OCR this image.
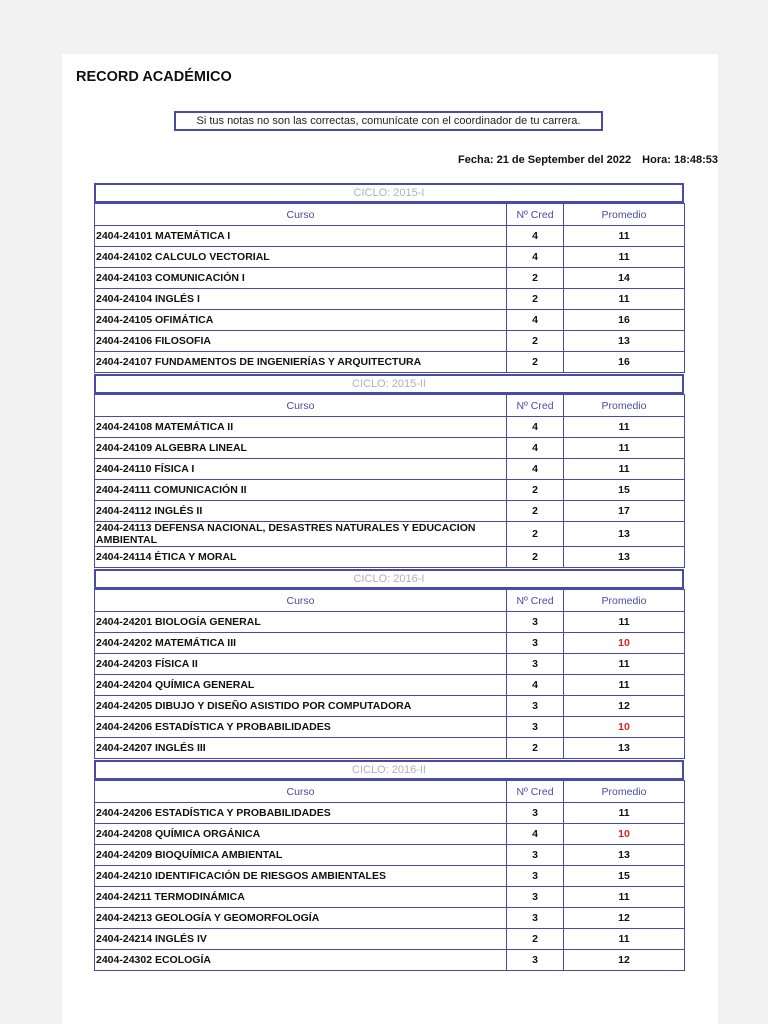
RECORD ACADÉMICO
Si tus notas no son las correctas, comunícate con el coordinador de tu carrera.
Fecha: 21 de September del 2022 Hora: 18:48:53
CICLO: 2015-I
Curso	Nº Cred	Promedio
2404-24101 MATEMÁTICA I	4	11
2404-24102 CALCULO VECTORIAL	4	11
2404-24103 COMUNICACIÓN I	2	14
2404-24104 INGLÉS I	2	11
2404-24105 OFIMÁTICA	4	16
2404-24106 FILOSOFIA	2	13
2404-24107 FUNDAMENTOS DE INGENIERÍAS Y ARQUITECTURA	2	16
CICLO: 2015-II
Curso	Nº Cred	Promedio
2404-24108 MATEMÁTICA II	4	11
2404-24109 ALGEBRA LINEAL	4	11
2404-24110 FÍSICA I	4	11
2404-24111 COMUNICACIÓN II	2	15
2404-24112 INGLÉS II	2	17
2404-24113 DEFENSA NACIONAL, DESASTRES NATURALES Y EDUCACION AMBIENTAL	2	13
2404-24114 ÉTICA Y MORAL	2	13
CICLO: 2016-I
Curso	Nº Cred	Promedio
2404-24201 BIOLOGÍA GENERAL	3	11
2404-24202 MATEMÁTICA III	3	10
2404-24203 FÍSICA II	3	11
2404-24204 QUÍMICA GENERAL	4	11
2404-24205 DIBUJO Y DISEÑO ASISTIDO POR COMPUTADORA	3	12
2404-24206 ESTADÍSTICA Y PROBABILIDADES	3	10
2404-24207 INGLÉS III	2	13
CICLO: 2016-II
Curso	Nº Cred	Promedio
2404-24206 ESTADÍSTICA Y PROBABILIDADES	3	11
2404-24208 QUÍMICA ORGÁNICA	4	10
2404-24209 BIOQUÍMICA AMBIENTAL	3	13
2404-24210 IDENTIFICACIÓN DE RIESGOS AMBIENTALES	3	15
2404-24211 TERMODINÁMICA	3	11
2404-24213 GEOLOGÍA Y GEOMORFOLOGÍA	3	12
2404-24214 INGLÉS IV	2	11
2404-24302 ECOLOGÍA	3	12
